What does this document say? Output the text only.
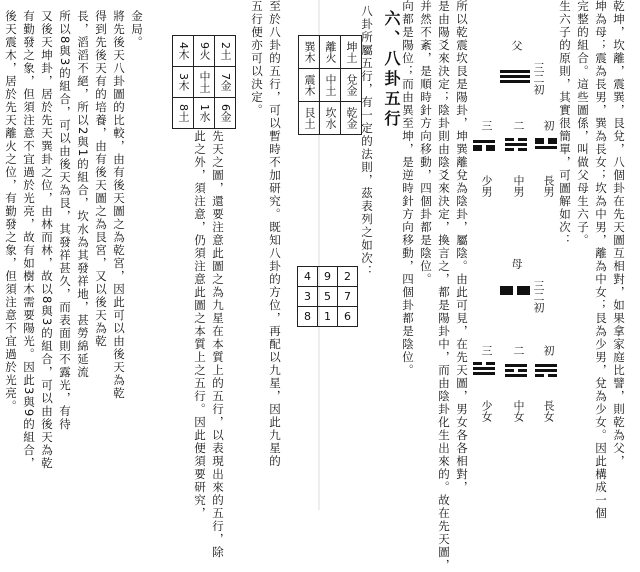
乾坤，坎離，震巽，艮兌，八個卦在先天圖互相對，如果拿家庭比譬，則乾為父，
坤為母；震為長男，巽為長女；坎為中男，離為中女；艮為少男，兌為少女。因此構成一個
完整的組合。這些圖係，叫做父母生六子。
生六子的原則，其實很簡單，可圖解如次：
父
三二初
初
長男
二
中男
三
少男
母
三二初
初
長女
二
中女
三
少女
所以乾震坎艮是陽卦，坤巽離兌為陰卦，屬陰。由此可見，在先天圖，男女各各相對，
是由陽爻來決定；陰卦則由陰爻來決定，換言之，都是陽卦中，而由陰卦化生出來的。故在先天圖，
并然不紊，是順時針方向移動，四個卦都是陰位。
向都是陽位；而由異至坤，是逆時針方向移動，四個卦都是陰位。
六、八卦五行
八卦所屬五行，有一定的法則，茲表列之如次：
4	9	2
3	5	7
8	1	6
巽木	離火	坤土
震木	中土	兌金
艮土	坎水	乾金
至於八卦的五行，可以暫時不加研究。既知八卦的方位，再配以九星，因此九星的
五行便亦可以決定。
先天之圖，還要注意此圖之為九星在本質上的五行，以表現出來的五行，除
此之外，須注意，仍須注意此圖之本質上之五行。因此便須要研究，
4木	9火	2土
3木	中土	7金
8土	1水	6金
金局。
將先後天八卦圖的比較，由有後天圖之為乾宮，因此可以由後天為乾
得到先後天有的培養，由有後天圖之為艮宮，又以後天為乾
長，滔滔不絕，所以2與1的組合，坎水為其發祥地，甚勞綿延流
所以8與3的組合，可以由後天為艮，其發祥甚久，而表面則不露光，有待
又後天坤卦，居於先天巽卦之位，由林而林，故以8與3的組合，可以由後天為乾
有勤發之象，但須注意不宜過於光亮，故有如樹木需要陽光。因此3與9的組合，
後天震木，居於先天離火之位，有勤發之象，但須注意不宜過於光亮。
